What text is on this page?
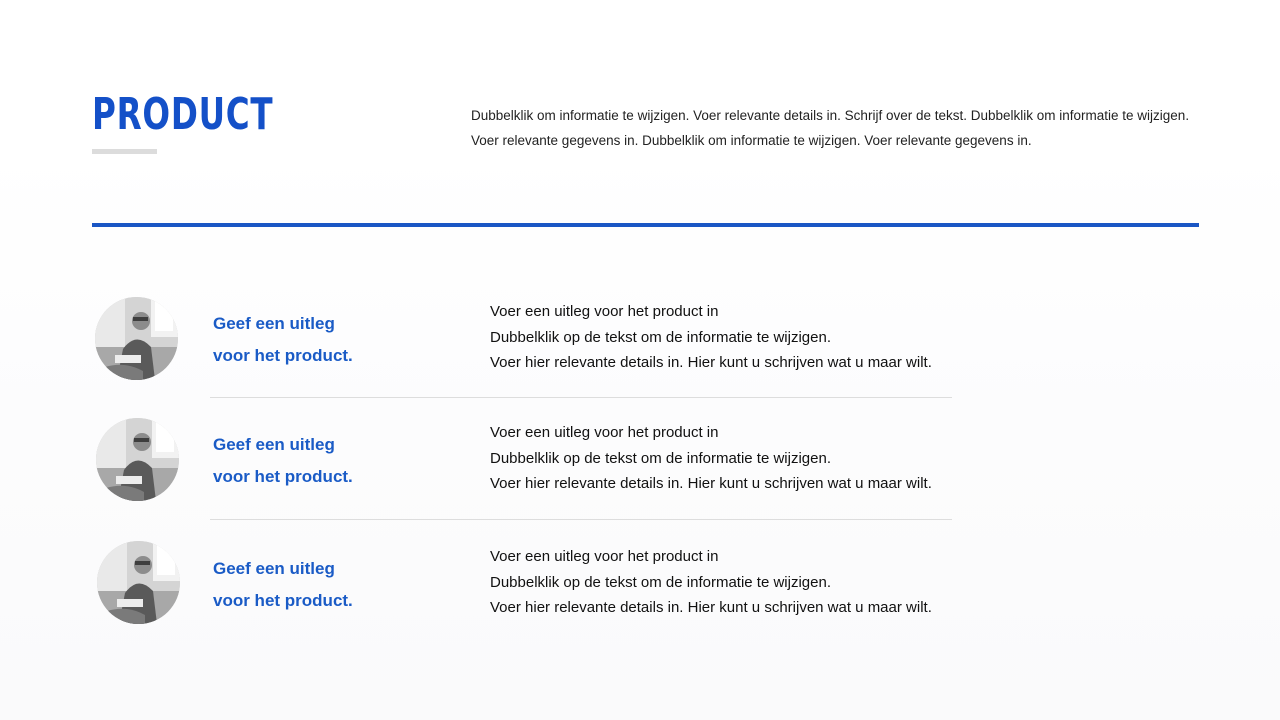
PRODUCT	Dubbelklik om informatie te wijzigen. Voer relevante details in. Schrijf over de tekst. Dubbelklik om informatie te wijzigen. Voer relevante gegevens in. Dubbelklik om informatie te wijzigen. Voer relevante gegevens in.

Geef een uitleg
voor het product.
Voer een uitleg voor het product in
Dubbelklik op de tekst om de informatie te wijzigen.
Voer hier relevante details in. Hier kunt u schrijven wat u maar wilt.
Geef een uitleg
voor het product.
Voer een uitleg voor het product in
Dubbelklik op de tekst om de informatie te wijzigen.
Voer hier relevante details in. Hier kunt u schrijven wat u maar wilt.
Geef een uitleg
voor het product.
Voer een uitleg voor het product in
Dubbelklik op de tekst om de informatie te wijzigen.
Voer hier relevante details in. Hier kunt u schrijven wat u maar wilt.
